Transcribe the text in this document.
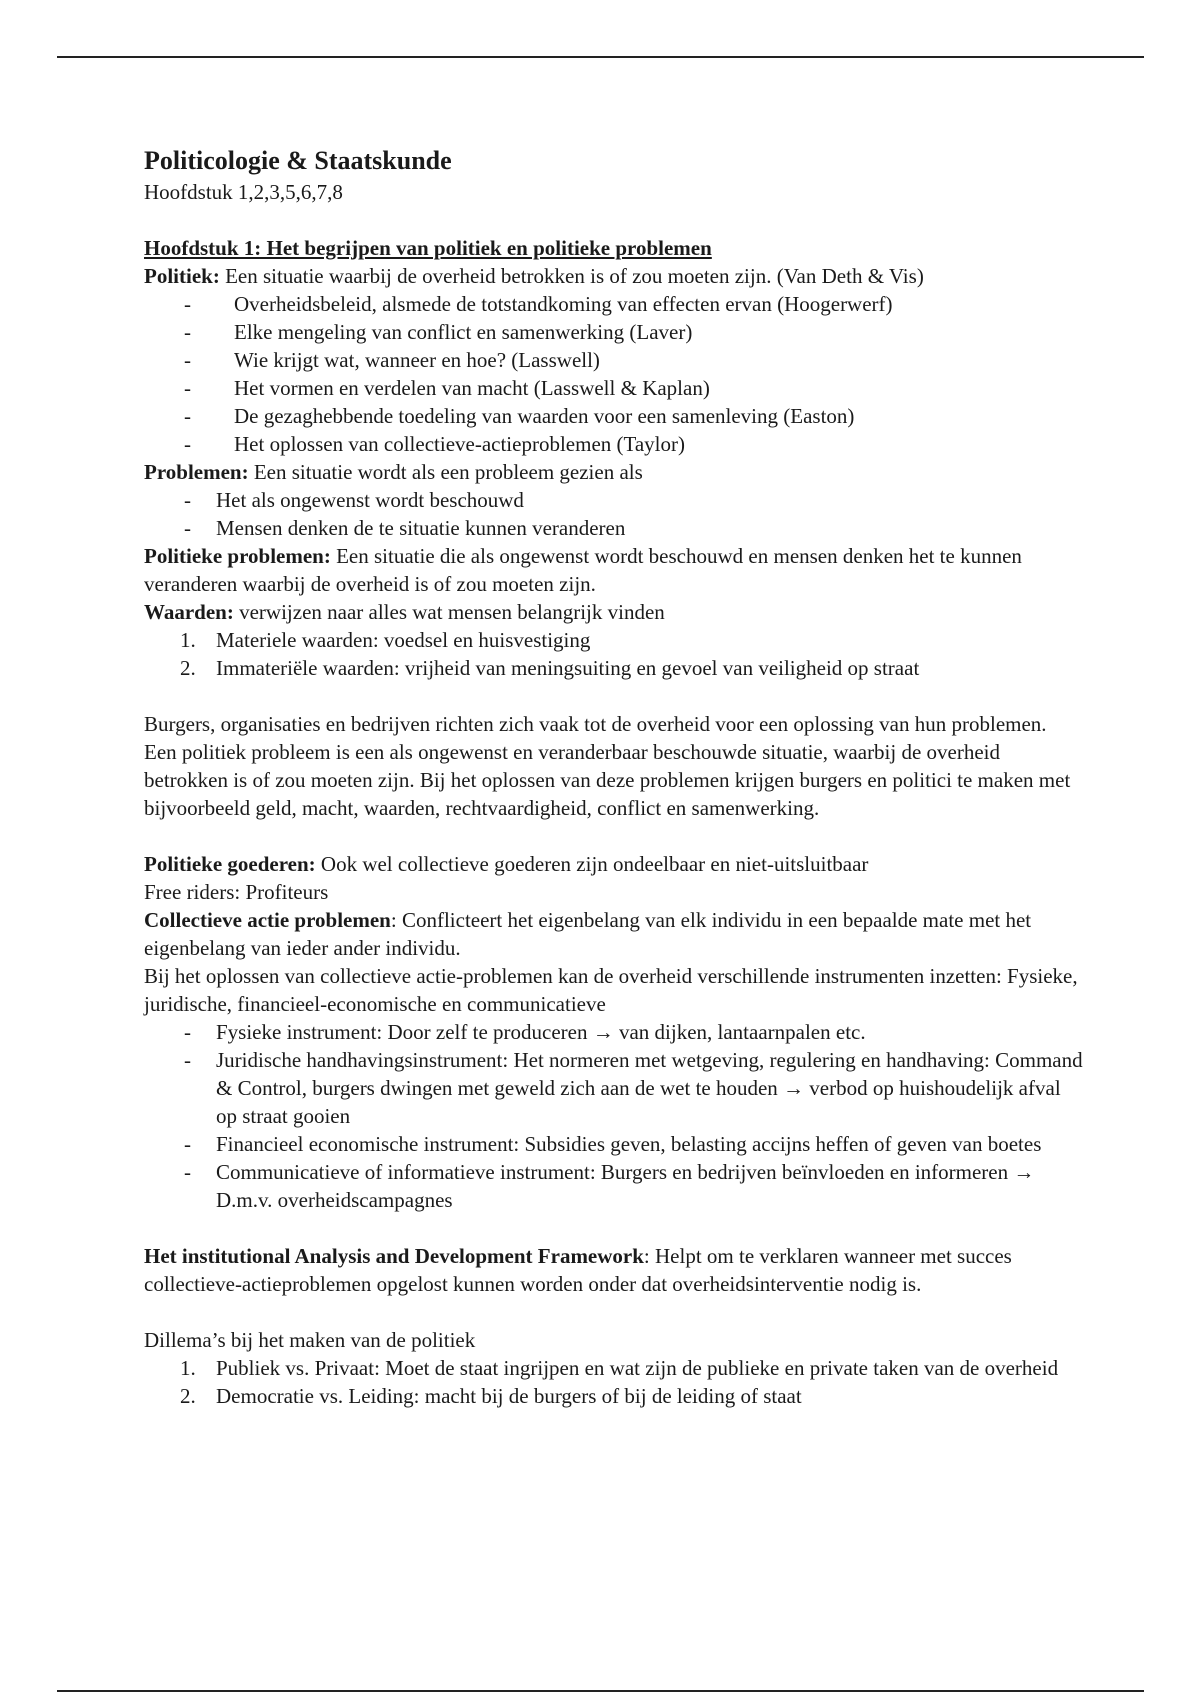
Politicologie & Staatskunde
Hoofdstuk 1,2,3,5,6,7,8
Hoofdstuk 1: Het begrijpen van politiek en politieke problemen

Politiek: Een situatie waarbij de overheid betrokken is of zou moeten zijn. (Van Deth & Vis)

- Overheidsbeleid, alsmede de totstandkoming van effecten ervan (Hoogerwerf)
- Elke mengeling van conflict en samenwerking (Laver)
- Wie krijgt wat, wanneer en hoe? (Lasswell)
- Het vormen en verdelen van macht (Lasswell & Kaplan)
- De gezaghebbende toedeling van waarden voor een samenleving (Easton)
- Het oplossen van collectieve-actieproblemen (Taylor)

Problemen: Een situatie wordt als een probleem gezien als

- Het als ongewenst wordt beschouwd
- Mensen denken de te situatie kunnen veranderen

Politieke problemen: Een situatie die als ongewenst wordt beschouwd en mensen denken het te kunnen veranderen waarbij de overheid is of zou moeten zijn.

Waarden: verwijzen naar alles wat mensen belangrijk vinden

1. Materiele waarden: voedsel en huisvestiging
2. Immateriële waarden: vrijheid van meningsuiting en gevoel van veiligheid op straat

Burgers, organisaties en bedrijven richten zich vaak tot de overheid voor een oplossing van hun problemen. Een politiek probleem is een als ongewenst en veranderbaar beschouwde situatie, waarbij de overheid betrokken is of zou moeten zijn. Bij het oplossen van deze problemen krijgen burgers en politici te maken met bijvoorbeeld geld, macht, waarden, rechtvaardigheid, conflict en samenwerking.

Politieke goederen: Ook wel collectieve goederen zijn ondeelbaar en niet-uitsluitbaar

Free riders: Profiteurs

Collectieve actie problemen: Conflicteert het eigenbelang van elk individu in een bepaalde mate met het eigenbelang van ieder ander individu.

Bij het oplossen van collectieve actie-problemen kan de overheid verschillende instrumenten inzetten: Fysieke, juridische, financieel-economische en communicatieve

- Fysieke instrument: Door zelf te produceren → van dijken, lantaarnpalen etc.
- Juridische handhavingsinstrument: Het normeren met wetgeving, regulering en handhaving: Command & Control, burgers dwingen met geweld zich aan de wet te houden → verbod op huishoudelijk afval op straat gooien
- Financieel economische instrument: Subsidies geven, belasting accijns heffen of geven van boetes
- Communicatieve of informatieve instrument: Burgers en bedrijven beïnvloeden en informeren → D.m.v. overheidscampagnes

Het institutional Analysis and Development Framework: Helpt om te verklaren wanneer met succes collectieve-actieproblemen opgelost kunnen worden onder dat overheidsinterventie nodig is.

Dillema’s bij het maken van de politiek

1. Publiek vs. Privaat: Moet de staat ingrijpen en wat zijn de publieke en private taken van de overheid
2. Democratie vs. Leiding: macht bij de burgers of bij de leiding of staat
